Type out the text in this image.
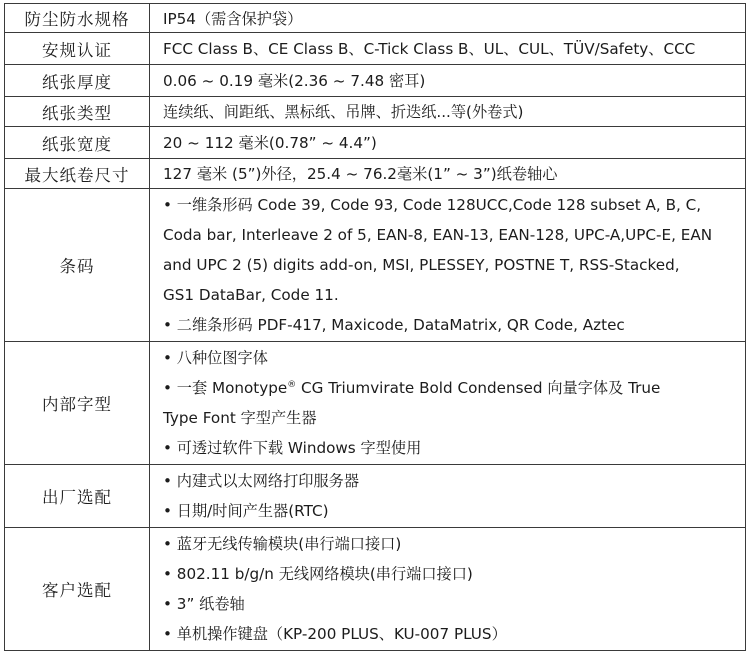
防尘防水规格	IP54（需含保护袋）
安规认证	FCC Class B、CE Class B、C-Tick Class B、UL、CUL、TÜV/Safety、CCC
纸张厚度	0.06 ~ 0.19 毫米(2.36 ~ 7.48 密耳)
纸张类型	连续纸、间距纸、黑标纸、吊牌、折迭纸...等(外卷式)
纸张宽度	20 ~ 112 毫米(0.78” ~ 4.4”)
最大纸卷尺寸	127 毫米 (5”)外径，25.4 ~ 76.2毫米(1” ~ 3”)纸卷轴心
条码	• 一维条形码 Code 39, Code 93, Code 128UCC,Code 128 subset A, B, C,
Coda bar, Interleave 2 of 5, EAN-8, EAN-13, EAN-128, UPC-A,UPC-E, EAN
and UPC 2 (5) digits add-on, MSI, PLESSEY, POSTNE T, RSS-Stacked,
GS1 DataBar, Code 11.
• 二维条形码 PDF-417, Maxicode, DataMatrix, QR Code, Aztec

内部字型	• 八种位图字体
• 一套 Monotype® CG Triumvirate Bold Condensed 向量字体及 True
Type Font 字型产生器
• 可透过软件下载 Windows 字型使用

出厂选配	• 内建式以太网络打印服务器
• 日期/时间产生器(RTC)

客户选配	• 蓝牙无线传输模块(串行端口接口)
• 802.11 b/g/n 无线网络模块(串行端口接口)
• 3” 纸卷轴
• 单机操作键盘（KP-200 PLUS、KU-007 PLUS）
